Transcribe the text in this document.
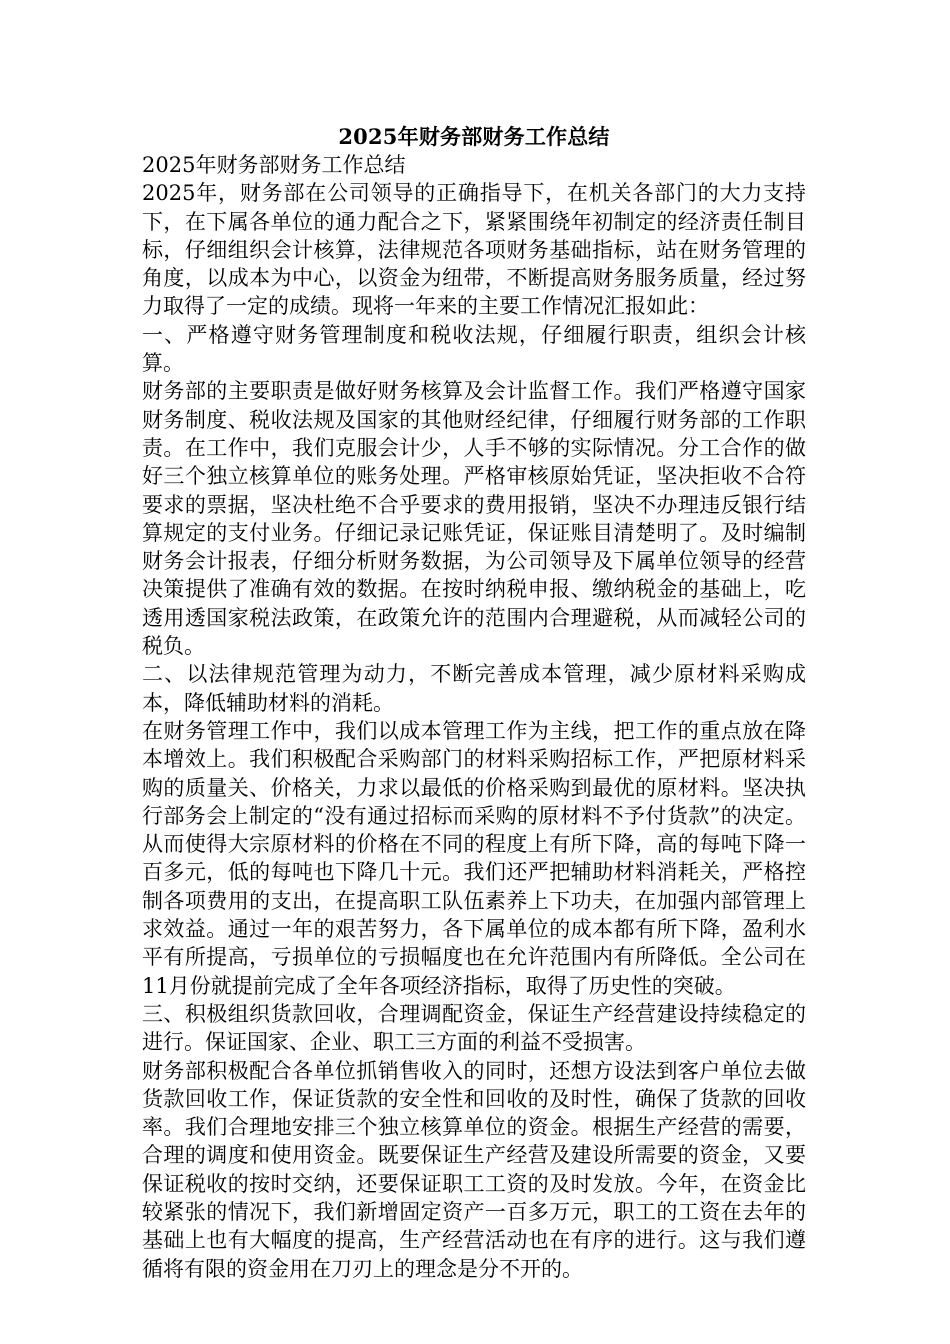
2025年财务部财务工作总结

2025年财务部财务工作总结

2025年，财务部在公司领导的正确指导下，在机关各部门的大力支持下，在下属各单位的通力配合之下，紧紧围绕年初制定的经济责任制目标，仔细组织会计核算，法律规范各项财务基础指标，站在财务管理的角度，以成本为中心，以资金为纽带，不断提高财务服务质量，经过努力取得了一定的成绩。现将一年来的主要工作情况汇报如此：

一、严格遵守财务管理制度和税收法规，仔细履行职责，组织会计核算。

财务部的主要职责是做好财务核算及会计监督工作。我们严格遵守国家财务制度、税收法规及国家的其他财经纪律，仔细履行财务部的工作职责。在工作中，我们克服会计少，人手不够的实际情况。分工合作的做好三个独立核算单位的账务处理。严格审核原始凭证，坚决拒收不合符要求的票据，坚决杜绝不合乎要求的费用报销，坚决不办理违反银行结算规定的支付业务。仔细记录记账凭证，保证账目清楚明了。及时编制财务会计报表，仔细分析财务数据，为公司领导及下属单位领导的经营决策提供了准确有效的数据。在按时纳税申报、缴纳税金的基础上，吃透用透国家税法政策，在政策允许的范围内合理避税，从而减轻公司的税负。

二、以法律规范管理为动力，不断完善成本管理，减少原材料采购成本，降低辅助材料的消耗。

在财务管理工作中，我们以成本管理工作为主线，把工作的重点放在降本增效上。我们积极配合采购部门的材料采购招标工作，严把原材料采购的质量关、价格关，力求以最低的价格采购到最优的原材料。坚决执行部务会上制定的“没有通过招标而采购的原材料不予付货款”的决定。从而使得大宗原材料的价格在不同的程度上有所下降，高的每吨下降一百多元，低的每吨也下降几十元。我们还严把辅助材料消耗关，严格控制各项费用的支出，在提高职工队伍素养上下功夫，在加强内部管理上求效益。通过一年的艰苦努力，各下属单位的成本都有所下降，盈利水平有所提高，亏损单位的亏损幅度也在允许范围内有所降低。全公司在11月份就提前完成了全年各项经济指标，取得了历史性的突破。

三、积极组织货款回收，合理调配资金，保证生产经营建设持续稳定的进行。保证国家、企业、职工三方面的利益不受损害。

财务部积极配合各单位抓销售收入的同时，还想方设法到客户单位去做货款回收工作，保证货款的安全性和回收的及时性，确保了货款的回收率。我们合理地安排三个独立核算单位的资金。根据生产经营的需要，合理的调度和使用资金。既要保证生产经营及建设所需要的资金，又要保证税收的按时交纳，还要保证职工工资的及时发放。今年，在资金比较紧张的情况下，我们新增固定资产一百多万元，职工的工资在去年的基础上也有大幅度的提高，生产经营活动也在有序的进行。这与我们遵循将有限的资金用在刀刃上的理念是分不开的。
